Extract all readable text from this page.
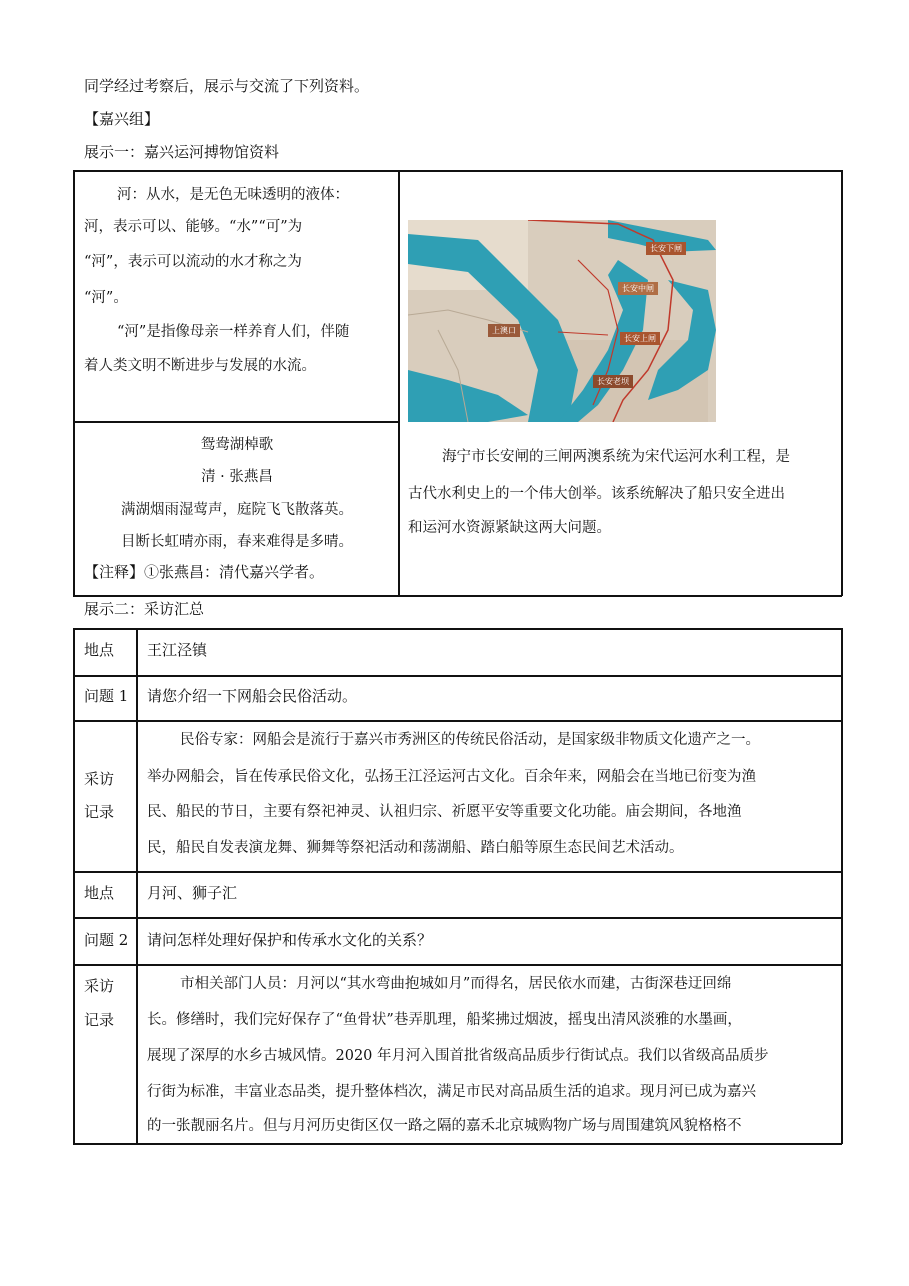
同学经过考察后，展示与交流了下列资料。
【嘉兴组】
展示一：嘉兴运河搏物馆资料
河：从水，是无色无味透明的液体：
河，表示可以、能够。“水”“可”为
“河”，表示可以流动的水才称之为
“河”。
“河”是指像母亲一样养育人们，伴随
着人类文明不断进步与发展的水流。
鸳鸯湖棹歌
清 · 张燕昌
满湖烟雨湿莺声，庭院飞飞散落英。
目断长虹晴亦雨，春来难得是多晴。
【注释】①张燕昌：清代嘉兴学者。
长安下闸
长安中闸
上澳口
长安上闸
长安老坝
海宁市长安闸的三闸两澳系统为宋代运河水利工程，是
古代水利史上的一个伟大创举。该系统解决了船只安全进出
和运河水资源紧缺这两大问题。
展示二：采访汇总
地点 王江泾镇
问题 1 请您介绍一下网船会民俗活动。
采访
记录
民俗专家：网船会是流行于嘉兴市秀洲区的传统民俗活动，是国家级非物质文化遗产之一。
举办网船会，旨在传承民俗文化，弘扬王江泾运河古文化。百余年来，网船会在当地已衍变为渔
民、船民的节日，主要有祭祀神灵、认祖归宗、祈愿平安等重要文化功能。庙会期间，各地渔
民，船民自发表演龙舞、狮舞等祭祀活动和荡湖船、踏白船等原生态民间艺术活动。
地点 月河、狮子汇
问题 2 请问怎样处理好保护和传承水文化的关系？
采访
记录
市相关部门人员：月河以“其水弯曲抱城如月”而得名，居民依水而建，古街深巷迂回绵
长。修缮时，我们完好保存了“鱼骨状”巷弄肌理，船桨拂过烟波，摇曳出清风淡雅的水墨画，
展现了深厚的水乡古城风情。2020 年月河入围首批省级高品质步行街试点。我们以省级高品质步
行街为标准，丰富业态品类，提升整体档次，满足市民对高品质生活的追求。现月河已成为嘉兴
的一张靓丽名片。但与月河历史街区仅一路之隔的嘉禾北京城购物广场与周围建筑风貌格格不
